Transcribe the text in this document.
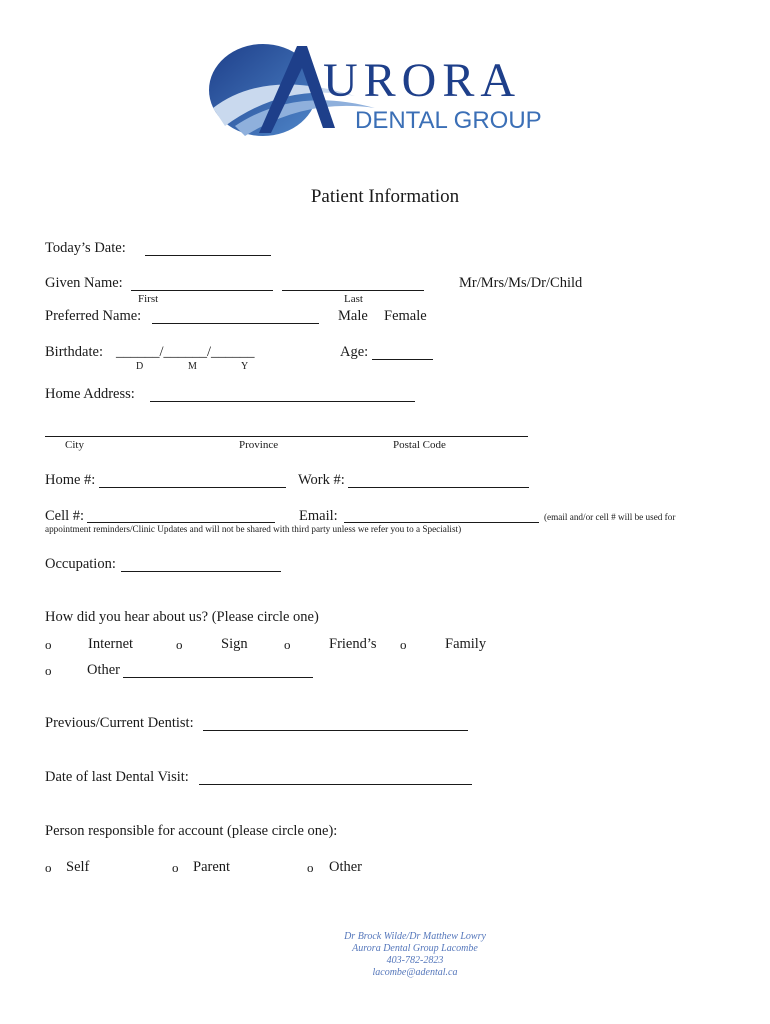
A URORA
DENTAL GROUP
Patient Information
Today’s Date:
Given Name:	Mr/Mrs/Ms/Dr/Child
First	Last
Preferred Name:	Male Female
Birthdate: ______/______/______
D	M	Y
Age:
Home Address:
City	Province	Postal Code
Home #:	Work #:
Cell #:	Email:	(email and/or cell # will be used for
appointment reminders/Clinic Updates and will not be shared with third party unless we refer you to a Specialist)
Occupation:
How did you hear about us? (Please circle one)
o	Internet	o	Sign	o	Friend’s o	Family
o Other
Previous/Current Dentist:
Date of last Dental Visit:
Person responsible for account (please circle one):
o Self	o Parent	o Other
Dr Brock Wilde/Dr Matthew Lowry
Aurora Dental Group Lacombe
403-782-2823
lacombe@adental.ca
